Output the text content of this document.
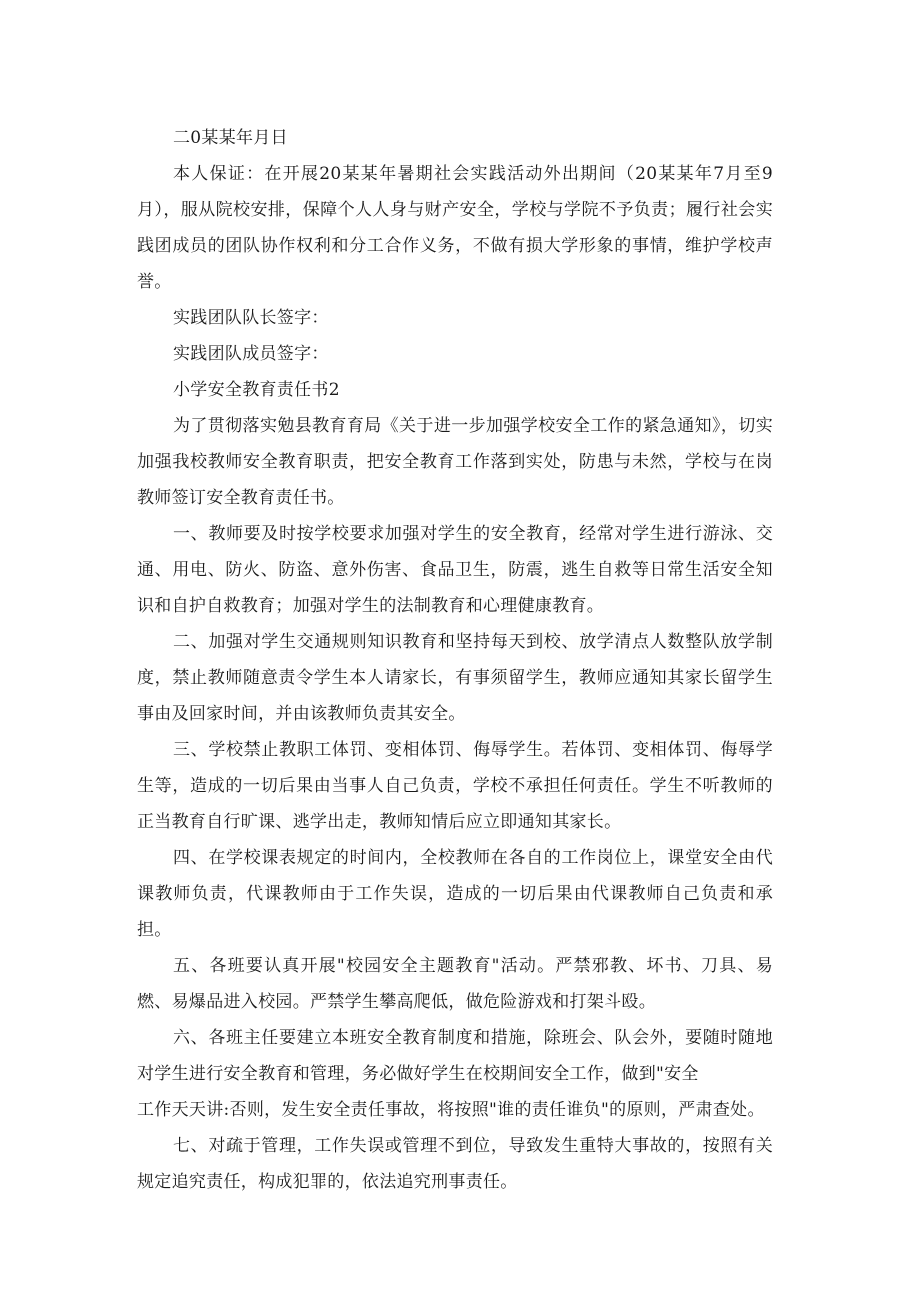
二0某某年月日

本人保证：在开展20某某年暑期社会实践活动外出期间（20某某年7月至9月），服从院校安排，保障个人人身与财产安全，学校与学院不予负责；履行社会实践团成员的团队协作权利和分工合作义务，不做有损大学形象的事情，维护学校声誉。

实践团队队长签字：

实践团队成员签字：

小学安全教育责任书2

为了贯彻落实勉县教育育局《关于进一步加强学校安全工作的紧急通知》，切实加强我校教师安全教育职责，把安全教育工作落到实处，防患与未然，学校与在岗教师签订安全教育责任书。

一、教师要及时按学校要求加强对学生的安全教育，经常对学生进行游泳、交通、用电、防火、防盗、意外伤害、食品卫生，防震，逃生自救等日常生活安全知识和自护自救教育；加强对学生的法制教育和心理健康教育。

二、加强对学生交通规则知识教育和坚持每天到校、放学清点人数整队放学制度，禁止教师随意责令学生本人请家长，有事须留学生，教师应通知其家长留学生事由及回家时间，并由该教师负责其安全。

三、学校禁止教职工体罚、变相体罚、侮辱学生。若体罚、变相体罚、侮辱学生等，造成的一切后果由当事人自己负责，学校不承担任何责任。学生不听教师的正当教育自行旷课、逃学出走，教师知情后应立即通知其家长。

四、在学校课表规定的时间内，全校教师在各自的工作岗位上，课堂安全由代课教师负责，代课教师由于工作失误，造成的一切后果由代课教师自己负责和承担。

五、各班要认真开展"校园安全主题教育"活动。严禁邪教、坏书、刀具、易燃、易爆品进入校园。严禁学生攀高爬低，做危险游戏和打架斗殴。

六、各班主任要建立本班安全教育制度和措施，除班会、队会外，要随时随地对学生进行安全教育和管理，务必做好学生在校期间安全工作，做到"安全

工作天天讲:否则，发生安全责任事故，将按照"谁的责任谁负"的原则，严肃查处。

七、对疏于管理，工作失误或管理不到位，导致发生重特大事故的，按照有关规定追究责任，构成犯罪的，依法追究刑事责任。
